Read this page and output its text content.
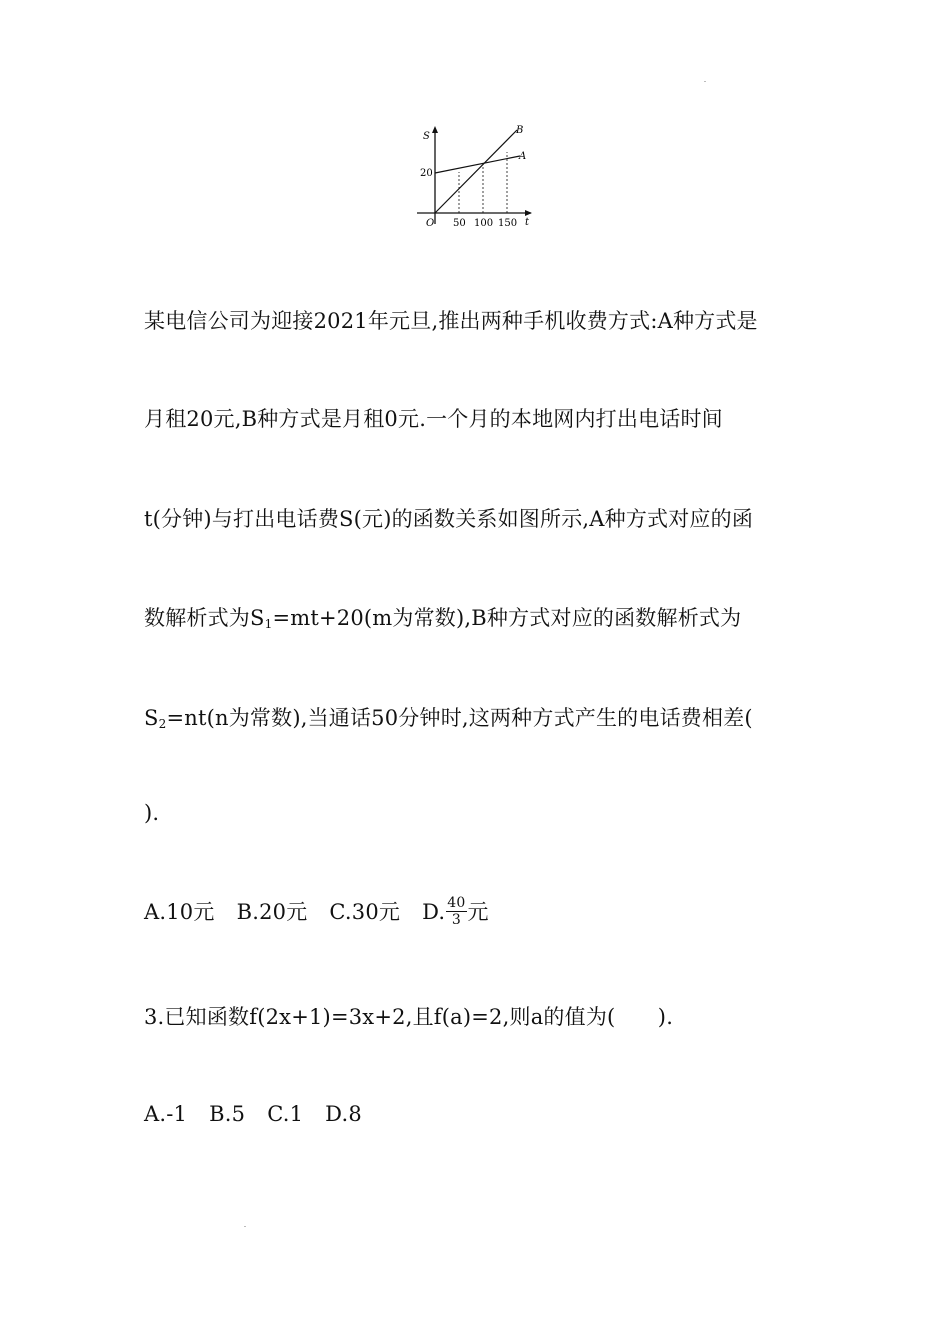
S
20
O 50 100 150 t
B
A
某电信公司为迎接2021年元旦,推出两种手机收费方式:A种方式是
月租20元,B种方式是月租0元.一个月的本地网内打出电话时间
t(分钟)与打出电话费S(元)的函数关系如图所示,A种方式对应的函
数解析式为S1=mt+20(m为常数),B种方式对应的函数解析式为
S2=nt(n为常数),当通话50分钟时,这两种方式产生的电话费相差(
).
A.10元 B.20元 C.30元 D. $\frac{40}{3}$ 元
3.已知函数f(2x+1)=3x+2,且f(a)=2,则a的值为(　　).
A.-1 B.5 C.1 D.8
